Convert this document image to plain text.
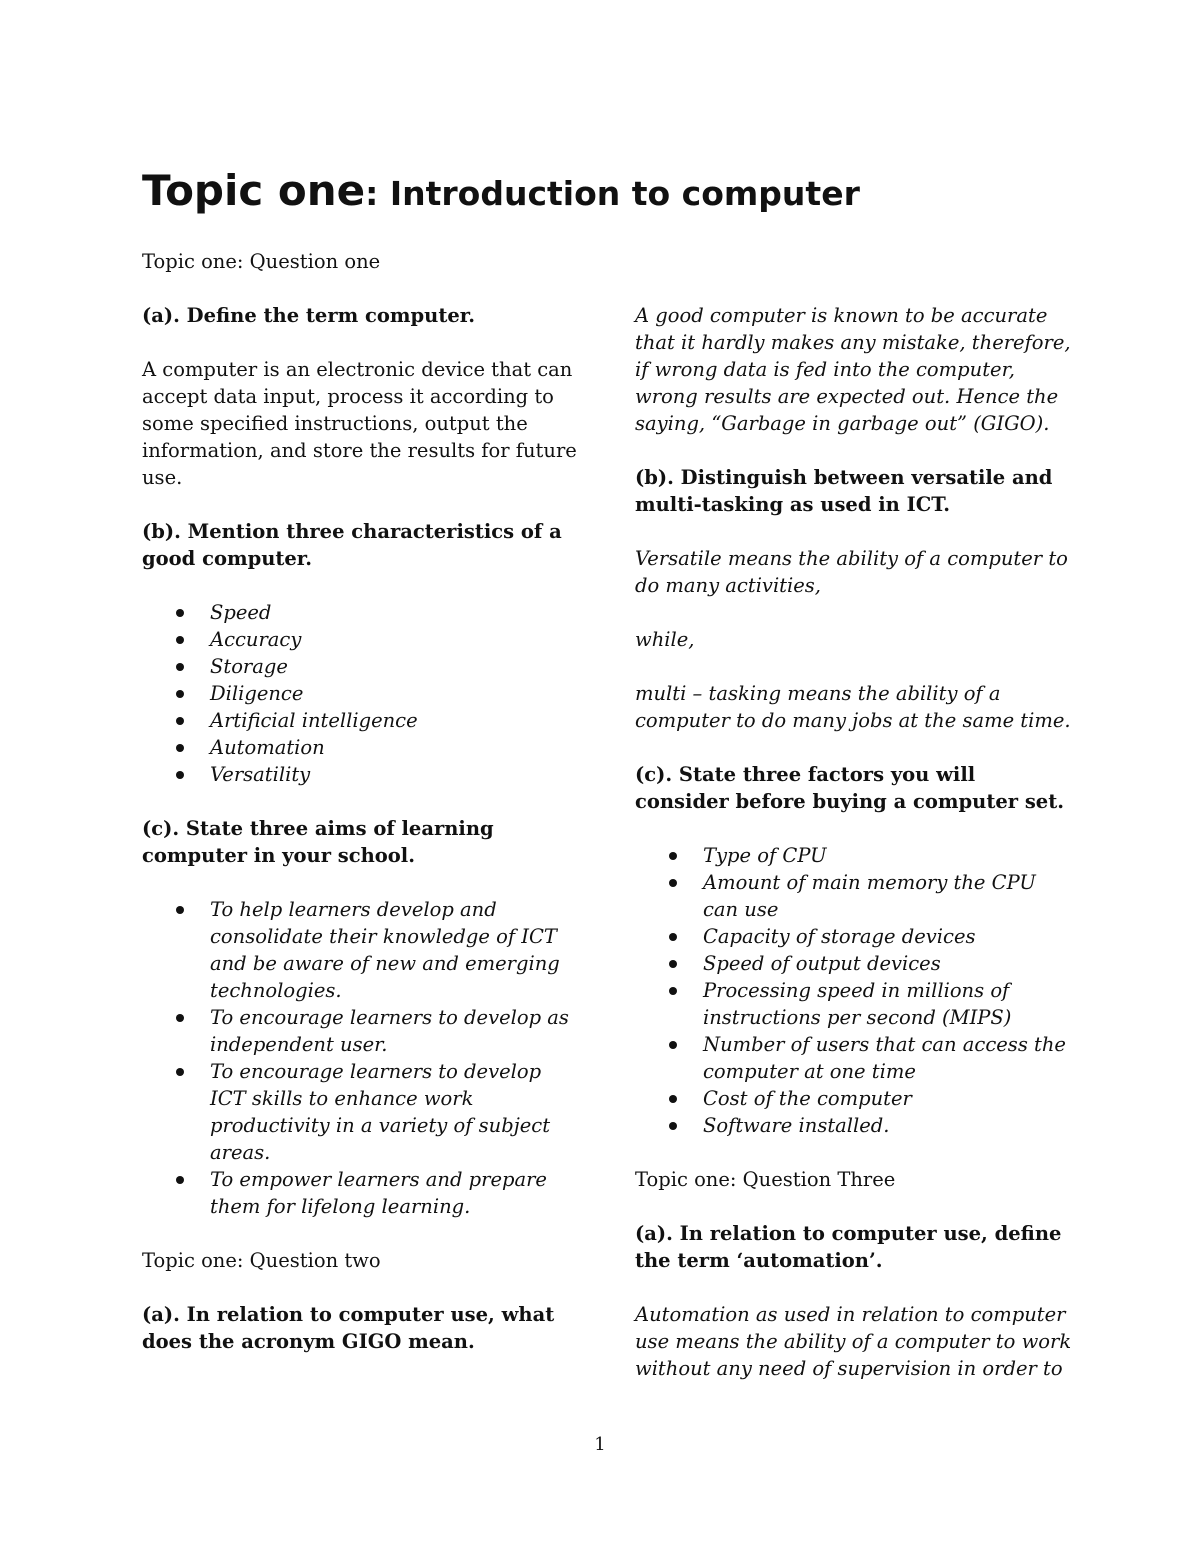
Topic one: Introduction to computer

Topic one: Question one

(a). Define the term computer.

A computer is an electronic device that can accept data input, process it according to some specified instructions, output the information, and store the results for future use.

(b). Mention three characteristics of a good computer.

Speed
Accuracy
Storage
Diligence
Artificial intelligence
Automation
Versatility

(c). State three aims of learning computer in your school.

To help learners develop and consolidate their knowledge of ICT and be aware of new and emerging technologies.
To encourage learners to develop as independent user.
To encourage learners to develop ICT skills to enhance work productivity in a variety of subject areas.
To empower learners and prepare them for lifelong learning.

Topic one: Question two

(a). In relation to computer use, what does the acronym GIGO mean.

A good computer is known to be accurate that it hardly makes any mistake, therefore, if wrong data is fed into the computer, wrong results are expected out. Hence the saying, “Garbage in garbage out” (GIGO).

(b). Distinguish between versatile and multi-tasking as used in ICT.

Versatile means the ability of a computer to do many activities,

while,

multi – tasking means the ability of a computer to do many jobs at the same time.

(c). State three factors you will consider before buying a computer set.

Type of CPU
Amount of main memory the CPU can use
Capacity of storage devices
Speed of output devices
Processing speed in millions of instructions per second (MIPS)
Number of users that can access the computer at one time
Cost of the computer
Software installed.

Topic one: Question Three

(a). In relation to computer use, define the term ‘automation’.

Automation as used in relation to computer use means the ability of a computer to work without any need of supervision in order to

1
